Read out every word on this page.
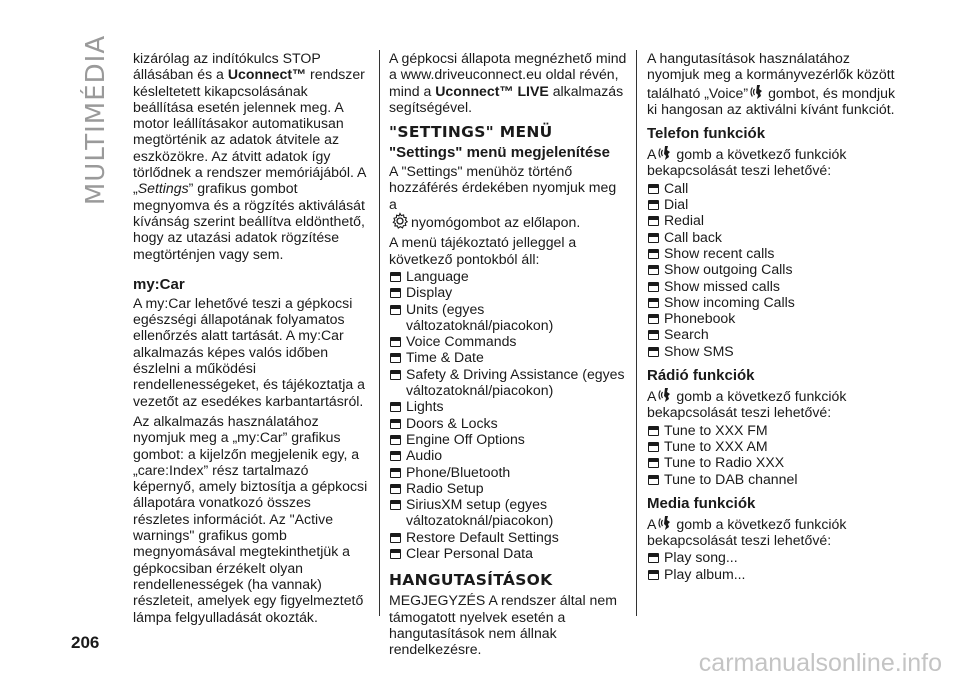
MULTIMÉDIA kizárólag az indítókulcs STOP állásában és a Uconnect™ rendszer késleltetett kikapcsolásának beállítása esetén jelennek meg. A motor leállításakor automatikusan megtörténik az adatok átvitele az eszközökre. Az átvitt adatok így törlődnek a rendszer memóriájából. A „Settings” grafikus gombot megnyomva és a rögzítés aktiválását kívánság szerint beállítva eldönthető, hogy az utazási adatok rögzítése megtörténjen vagy sem.

my:Car

A my:Car lehetővé teszi a gépkocsi egészségi állapotának folyamatos ellenőrzés alatt tartását. A my:Car alkalmazás képes valós időben észlelni a működési rendellenességeket, és tájékoztatja a vezetőt az esedékes karbantartásról.

Az alkalmazás használatához nyomjuk meg a „my:Car” grafikus gombot: a kijelzőn megjelenik egy, a „care:Index” rész tartalmazó képernyő, amely biztosítja a gépkocsi állapotára vonatkozó összes részletes információt. Az "Active warnings" grafikus gomb megnyomásával megtekinthetjük a gépkocsiban érzékelt olyan rendellenességek (ha vannak) részleteit, amelyek egy figyelmeztető lámpa felgyulladását okozták.

A gépkocsi állapota megnézhető mind a www.driveuconnect.eu oldal révén, mind a Uconnect™ LIVE alkalmazás segítségével.

"SETTINGS" MENÜ
"Settings" menü megjelenítése

A "Settings" menühöz történő hozzáférés érdekében nyomjuk meg a
nyomógombot az előlapon.

A menü tájékoztató jelleggel a következő pontokból áll:

Language
Display
Units (egyes változatoknál/piacokon)
Voice Commands
Time & Date
Safety & Driving Assistance (egyes változatoknál/piacokon)
Lights
Doors & Locks
Engine Off Options
Audio
Phone/Bluetooth
Radio Setup
SiriusXM setup (egyes változatoknál/piacokon)
Restore Default Settings
Clear Personal Data
HANGUTASÍTÁSOK

MEGJEGYZÉS A rendszer által nem támogatott nyelvek esetén a hangutasítások nem állnak rendelkezésre.

A hangutasítások használatához nyomjuk meg a kormányvezérlők között található „Voice” gombot, és mondjuk ki hangosan az aktiválni kívánt funkciót.

Telefon funkciók

A gomb a következő funkciók bekapcsolását teszi lehetővé:

Call
Dial
Redial
Call back
Show recent calls
Show outgoing Calls
Show missed calls
Show incoming Calls
Phonebook
Search
Show SMS
Rádió funkciók

A gomb a következő funkciók bekapcsolását teszi lehetővé:

Tune to XXX FM
Tune to XXX AM
Tune to Radio XXX
Tune to DAB channel
Media funkciók

A gomb a következő funkciók bekapcsolását teszi lehetővé:

Play song...
Play album...
206
carmanualsonline.info
